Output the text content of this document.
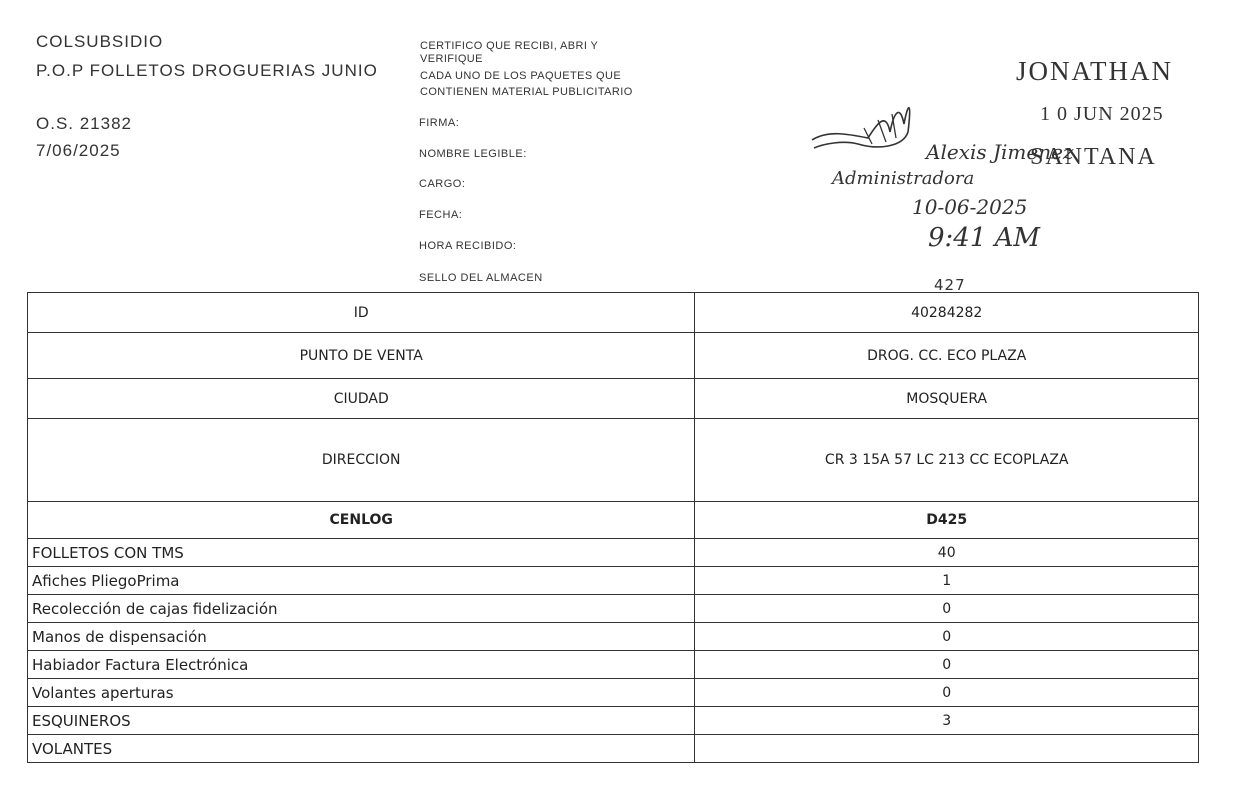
COLSUBSIDIO
P.O.P FOLLETOS DROGUERIAS JUNIO
O.S. 21382
7/06/2025
CERTIFICO QUE RECIBI, ABRI Y
VERIFIQUE
CADA UNO DE LOS PAQUETES QUE
CONTIENEN MATERIAL PUBLICITARIO
FIRMA:
NOMBRE LEGIBLE:
CARGO:
FECHA:
HORA RECIBIDO:
SELLO DEL ALMACEN
JONATHAN
1 0 JUN 2025
SANTANA
427
Alexis Jimenez
Administradora
10-06-2025
9:41 AM
ID	40284282
PUNTO DE VENTA	DROG. CC. ECO PLAZA
CIUDAD	MOSQUERA
DIRECCION	CR 3 15A 57 LC 213 CC ECOPLAZA
CENLOG	D425
FOLLETOS CON TMS	40
Afiches PliegoPrima	1
Recolección de cajas fidelización	0
Manos de dispensación	0
Habiador Factura Electrónica	0
Volantes aperturas	0
ESQUINEROS	3
VOLANTES	
